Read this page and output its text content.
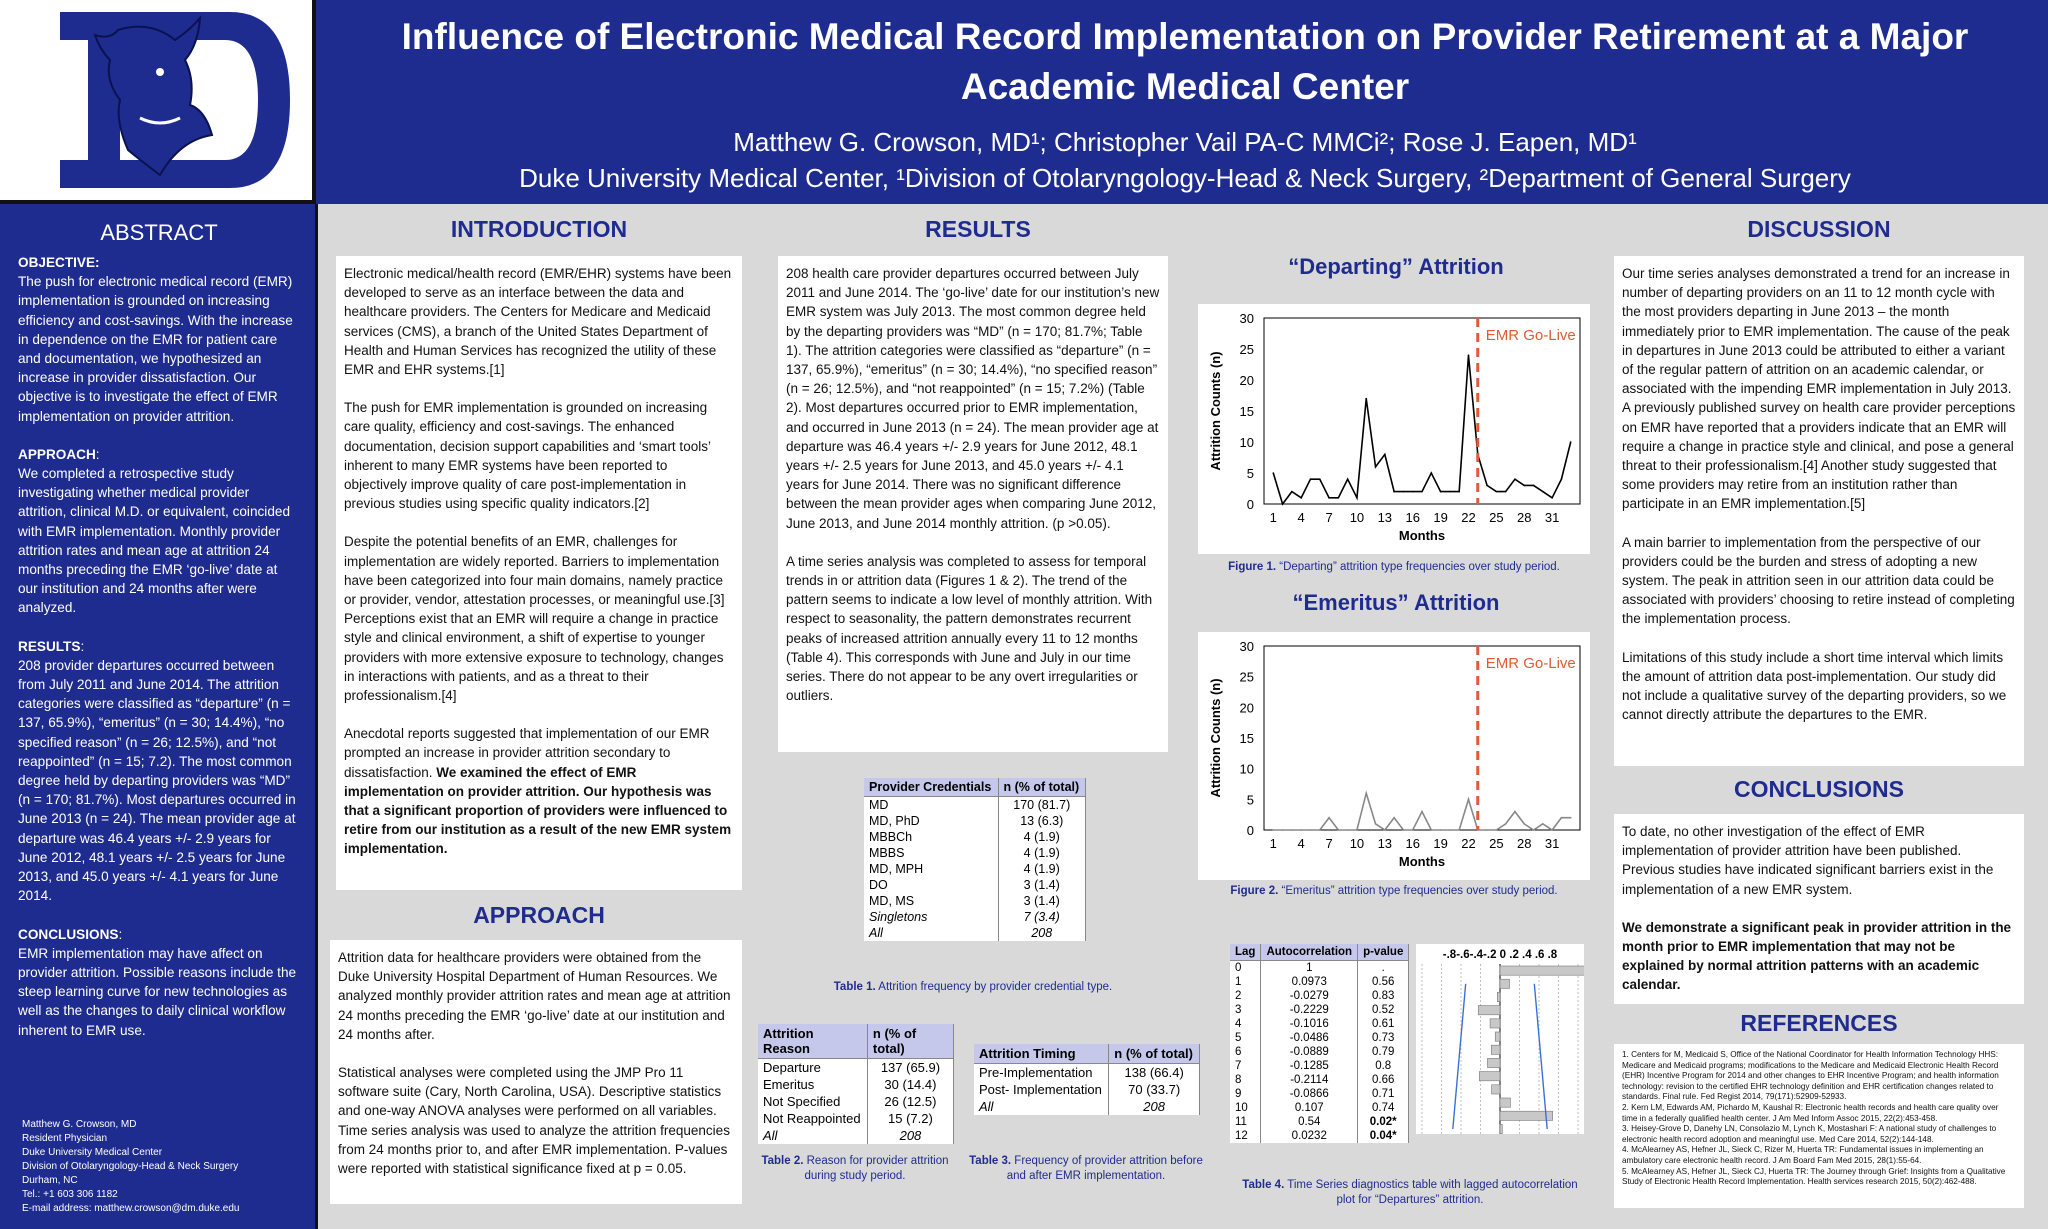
Influence of Electronic Medical Record Implementation on Provider Retirement at a Major Academic Medical Center
Matthew G. Crowson, MD¹; Christopher Vail PA-C MMCi²; Rose J. Eapen, MD¹
Duke University Medical Center, ¹Division of Otolaryngology-Head & Neck Surgery, ²Department of General Surgery
ABSTRACT

OBJECTIVE:
The push for electronic medical record (EMR) implementation is grounded on increasing efficiency and cost-savings. With the increase in dependence on the EMR for patient care and documentation, we hypothesized an increase in provider dissatisfaction. Our objective is to investigate the effect of EMR implementation on provider attrition.

APPROACH:
We completed a retrospective study investigating whether medical provider attrition, clinical M.D. or equivalent, coincided with EMR implementation. Monthly provider attrition rates and mean age at attrition 24 months preceding the EMR ‘go-live’ date at our institution and 24 months after were analyzed.

RESULTS:
208 provider departures occurred between from July 2011 and June 2014. The attrition categories were classified as “departure” (n = 137, 65.9%), “emeritus” (n = 30; 14.4%), “no specified reason” (n = 26; 12.5%), and “not reappointed” (n = 15; 7.2). The most common degree held by departing providers was “MD” (n = 170; 81.7%). Most departures occurred in June 2013 (n = 24). The mean provider age at departure was 46.4 years +/- 2.9 years for June 2012, 48.1 years +/- 2.5 years for June 2013, and 45.0 years +/- 4.1 years for June 2014.

CONCLUSIONS:
EMR implementation may have affect on provider attrition. Possible reasons include the steep learning curve for new technologies as well as the changes to daily clinical workflow inherent to EMR use.

Matthew G. Crowson, MD
Resident Physician
Duke University Medical Center
Division of Otolaryngology-Head & Neck Surgery
Durham, NC
Tel.: +1 603 306 1182
E-mail address: matthew.crowson@dm.duke.edu
INTRODUCTION

Electronic medical/health record (EMR/EHR) systems have been developed to serve as an interface between the data and healthcare providers. The Centers for Medicare and Medicaid services (CMS), a branch of the United States Department of Health and Human Services has recognized the utility of these EMR and EHR systems.[1]

The push for EMR implementation is grounded on increasing care quality, efficiency and cost-savings. The enhanced documentation, decision support capabilities and ‘smart tools’ inherent to many EMR systems have been reported to objectively improve quality of care post-implementation in previous studies using specific quality indicators.[2]

Despite the potential benefits of an EMR, challenges for implementation are widely reported. Barriers to implementation have been categorized into four main domains, namely practice or provider, vendor, attestation processes, or meaningful use.[3] Perceptions exist that an EMR will require a change in practice style and clinical environment, a shift of expertise to younger providers with more extensive exposure to technology, changes in interactions with patients, and as a threat to their professionalism.[4]

Anecdotal reports suggested that implementation of our EMR prompted an increase in provider attrition secondary to dissatisfaction. We examined the effect of EMR implementation on provider attrition. Our hypothesis was that a significant proportion of providers were influenced to retire from our institution as a result of the new EMR system implementation.

APPROACH

Attrition data for healthcare providers were obtained from the Duke University Hospital Department of Human Resources. We analyzed monthly provider attrition rates and mean age at attrition 24 months preceding the EMR ‘go-live’ date at our institution and 24 months after.

Statistical analyses were completed using the JMP Pro 11 software suite (Cary, North Carolina, USA). Descriptive statistics and one-way ANOVA analyses were performed on all variables. Time series analysis was used to analyze the attrition frequencies from 24 months prior to, and after EMR implementation. P-values were reported with statistical significance fixed at p = 0.05.

RESULTS

208 health care provider departures occurred between July 2011 and June 2014. The ‘go-live’ date for our institution’s new EMR system was July 2013. The most common degree held by the departing providers was “MD” (n = 170; 81.7%; Table 1). The attrition categories were classified as “departure” (n = 137, 65.9%), “emeritus” (n = 30; 14.4%), “no specified reason” (n = 26; 12.5%), and “not reappointed” (n = 15; 7.2%) (Table 2). Most departures occurred prior to EMR implementation, and occurred in June 2013 (n = 24). The mean provider age at departure was 46.4 years +/- 2.9 years for June 2012, 48.1 years +/- 2.5 years for June 2013, and 45.0 years +/- 4.1 years for June 2014. There was no significant difference between the mean provider ages when comparing June 2012, June 2013, and June 2014 monthly attrition. (p >0.05).

A time series analysis was completed to assess for temporal trends in or attrition data (Figures 1 & 2). The trend of the pattern seems to indicate a low level of monthly attrition. With respect to seasonality, the pattern demonstrates recurrent peaks of increased attrition annually every 11 to 12 months (Table 4). This corresponds with June and July in our time series. There do not appear to be any overt irregularities or outliers.

Provider Credentials	n (% of total)
MD	170 (81.7)
MD, PhD	13 (6.3)
MBBCh	4 (1.9)
MBBS	4 (1.9)
MD, MPH	4 (1.9)
DO	3 (1.4)
MD, MS	3 (1.4)
Singletons	7 (3.4)
All	208
Table 1. Attrition frequency by provider credential type.
Attrition Reason	n (% of total)
Departure	137 (65.9)
Emeritus	30 (14.4)
Not Specified	26 (12.5)
Not Reappointed	15 (7.2)
All	208
Table 2. Reason for provider attrition during study period.
Attrition Timing	n (% of total)
Pre-Implementation	138 (66.4)
Post- Implementation	70 (33.7)
All	208
Table 3. Frequency of provider attrition before and after EMR implementation.
“Departing” Attrition
0
5
10
15
20
25
30
1 4 7 10 13 16 19 22 25 28 31
Months
Attrition Counts (n)
EMR Go-Live
Figure 1. “Departing” attrition type frequencies over study period.
“Emeritus” Attrition
0
5
10
15
20
25
30
1 4 7 10 13 16 19 22 25 28 31
Months
Attrition Counts (n)
EMR Go-Live
Figure 2. “Emeritus” attrition type frequencies over study period.
Lag	Autocorrelation	p-value
0	1	.
1	0.0973	0.56
2	-0.0279	0.83
3	-0.2229	0.52
4	-0.1016	0.61
5	-0.0486	0.73
6	-0.0889	0.79
7	-0.1285	0.8
8	-0.2114	0.66
9	-0.0866	0.71
10	0.107	0.74
11	0.54	0.02*
12	0.0232	0.04*
-.8-.6-.4-.2 0 .2 .4 .6 .8
Table 4. Time Series diagnostics table with lagged autocorrelation plot for “Departures” attrition.
DISCUSSION

Our time series analyses demonstrated a trend for an increase in number of departing providers on an 11 to 12 month cycle with the most providers departing in June 2013 – the month immediately prior to EMR implementation. The cause of the peak in departures in June 2013 could be attributed to either a variant of the regular pattern of attrition on an academic calendar, or associated with the impending EMR implementation in July 2013. A previously published survey on health care provider perceptions on EMR have reported that a providers indicate that an EMR will require a change in practice style and clinical, and pose a general threat to their professionalism.[4] Another study suggested that some providers may retire from an institution rather than participate in an EMR implementation.[5]

A main barrier to implementation from the perspective of our providers could be the burden and stress of adopting a new system. The peak in attrition seen in our attrition data could be associated with providers’ choosing to retire instead of completing the implementation process.

Limitations of this study include a short time interval which limits the amount of attrition data post-implementation. Our study did not include a qualitative survey of the departing providers, so we cannot directly attribute the departures to the EMR.

CONCLUSIONS

To date, no other investigation of the effect of EMR implementation of provider attrition have been published. Previous studies have indicated significant barriers exist in the implementation of a new EMR system.

We demonstrate a significant peak in provider attrition in the month prior to EMR implementation that may not be explained by normal attrition patterns with an academic calendar.

REFERENCES
1. Centers for M, Medicaid S, Office of the National Coordinator for Health Information Technology HHS: Medicare and Medicaid programs; modifications to the Medicare and Medicaid Electronic Health Record (EHR) Incentive Program for 2014 and other changes to EHR Incentive Program; and health information technology: revision to the certified EHR technology definition and EHR certification changes related to standards. Final rule. Fed Regist 2014, 79(171):52909-52933.
2. Kern LM, Edwards AM, Pichardo M, Kaushal R: Electronic health records and health care quality over time in a federally qualified health center. J Am Med Inform Assoc 2015, 22(2):453-458.
3. Heisey-Grove D, Danehy LN, Consolazio M, Lynch K, Mostashari F: A national study of challenges to electronic health record adoption and meaningful use. Med Care 2014, 52(2):144-148.
4. McAlearney AS, Hefner JL, Sieck C, Rizer M, Huerta TR: Fundamental issues in implementing an ambulatory care electronic health record. J Am Board Fam Med 2015, 28(1):55-64.
5. McAlearney AS, Hefner JL, Sieck CJ, Huerta TR: The Journey through Grief: Insights from a Qualitative Study of Electronic Health Record Implementation. Health services research 2015, 50(2):462-488.
